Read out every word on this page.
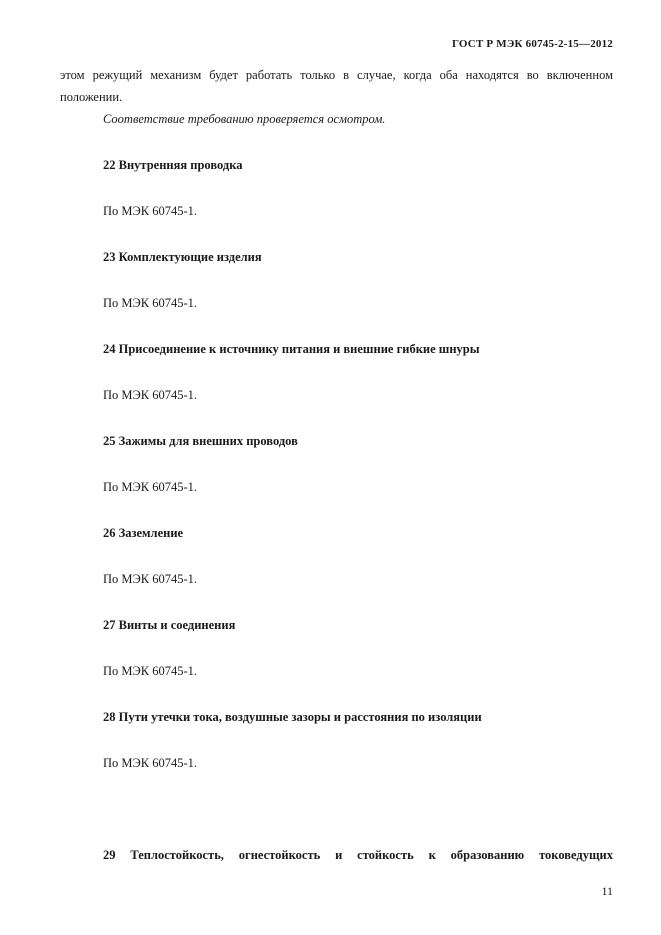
ГОСТ Р МЭК 60745-2-15—2012
этом режущий механизм будет работать только в случае, когда оба находятся во включенном
положении.
Соответствие требованию проверяется осмотром.
22 Внутренняя проводка
По МЭК 60745-1.
23 Комплектующие изделия
По МЭК 60745-1.
24 Присоединение к источнику питания и внешние гибкие шнуры
По МЭК 60745-1.
25 Зажимы для внешних проводов
По МЭК 60745-1.
26 Заземление
По МЭК 60745-1.
27 Винты и соединения
По МЭК 60745-1.
28 Пути утечки тока, воздушные зазоры и расстояния по изоляции
По МЭК 60745-1.
29 Теплостойкость, огнестойкость и стойкость к образованию токоведущих
11
